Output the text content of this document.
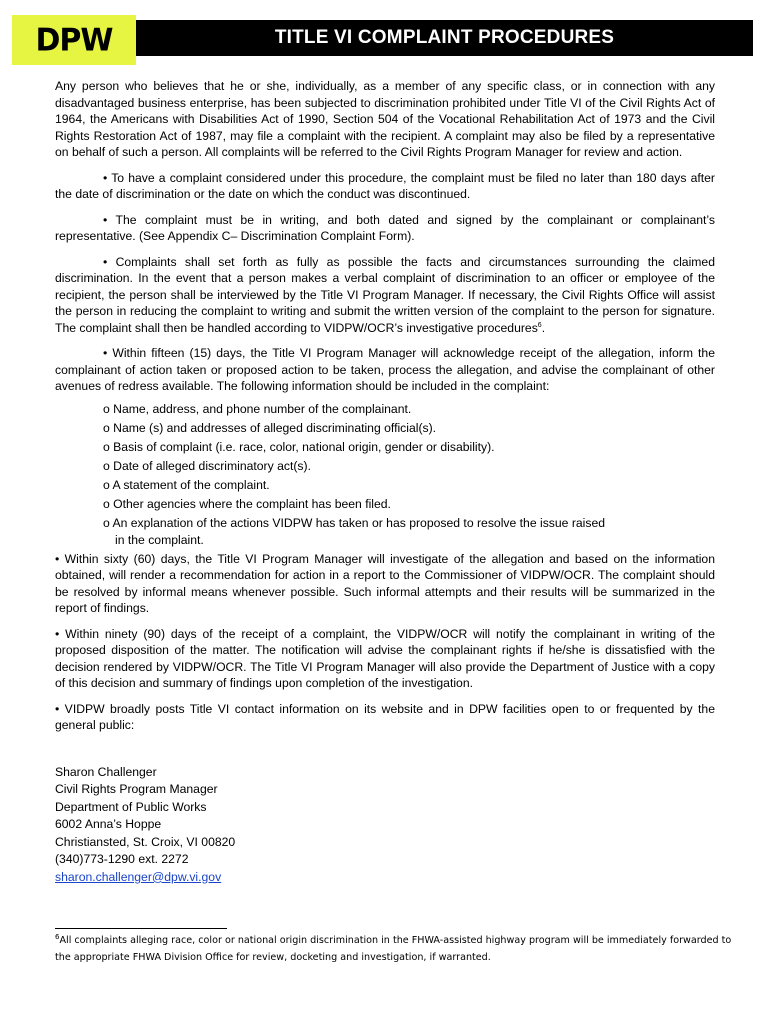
DPW	TITLE VI COMPLAINT PROCEDURES

Any person who believes that he or she, individually, as a member of any specific class, or in connection with any disadvantaged business enterprise, has been subjected to discrimination prohibited under Title VI of the Civil Rights Act of 1964, the Americans with Disabilities Act of 1990, Section 504 of the Vocational Rehabilitation Act of 1973 and the Civil Rights Restoration Act of 1987, may file a complaint with the recipient. A complaint may also be filed by a representative on behalf of such a person. All complaints will be referred to the Civil Rights Program Manager for review and action.

• To have a complaint considered under this procedure, the complaint must be filed no later than 180 days after the date of discrimination or the date on which the conduct was discontinued.

• The complaint must be in writing, and both dated and signed by the complainant or complainant’s representative. (See Appendix C– Discrimination Complaint Form).

• Complaints shall set forth as fully as possible the facts and circumstances surrounding the claimed discrimination. In the event that a person makes a verbal complaint of discrimination to an officer or employee of the recipient, the person shall be interviewed by the Title VI Program Manager. If necessary, the Civil Rights Office will assist the person in reducing the complaint to writing and submit the written version of the complaint to the person for signature. The complaint shall then be handled according to VIDPW/OCR’s investigative procedures$^6$.

• Within fifteen (15) days, the Title VI Program Manager will acknowledge receipt of the allegation, inform the complainant of action taken or proposed action to be taken, process the allegation, and advise the complainant of other avenues of redress available. The following information should be included in the complaint:

o Name, address, and phone number of the complainant.
o Name (s) and addresses of alleged discriminating official(s).
o Basis of complaint (i.e. race, color, national origin, gender or disability).
o Date of alleged discriminatory act(s).
o A statement of the complaint.
o Other agencies where the complaint has been filed.
o An explanation of the actions VIDPW has taken or has proposed to resolve the issue raised
in the complaint.

• Within sixty (60) days, the Title VI Program Manager will investigate of the allegation and based on the information obtained, will render a recommendation for action in a report to the Commissioner of VIDPW/OCR. The complaint should be resolved by informal means whenever possible. Such informal attempts and their results will be summarized in the report of findings.

• Within ninety (90) days of the receipt of a complaint, the VIDPW/OCR will notify the complainant in writing of the proposed disposition of the matter. The notification will advise the complainant rights if he/she is dissatisfied with the decision rendered by VIDPW/OCR. The Title VI Program Manager will also provide the Department of Justice with a copy of this decision and summary of findings upon completion of the investigation.

• VIDPW broadly posts Title VI contact information on its website and in DPW facilities open to or frequented by the general public:

Sharon Challenger
Civil Rights Program Manager
Department of Public Works
6002 Anna’s Hoppe
Christiansted, St. Croix, VI 00820
(340)773-1290 ext. 2272
sharon.challenger@dpw.vi.gov
$^6$All complaints alleging race, color or national origin discrimination in the FHWA-assisted highway program will be immediately forwarded to the appropriate FHWA Division Office for review, docketing and investigation, if warranted.
